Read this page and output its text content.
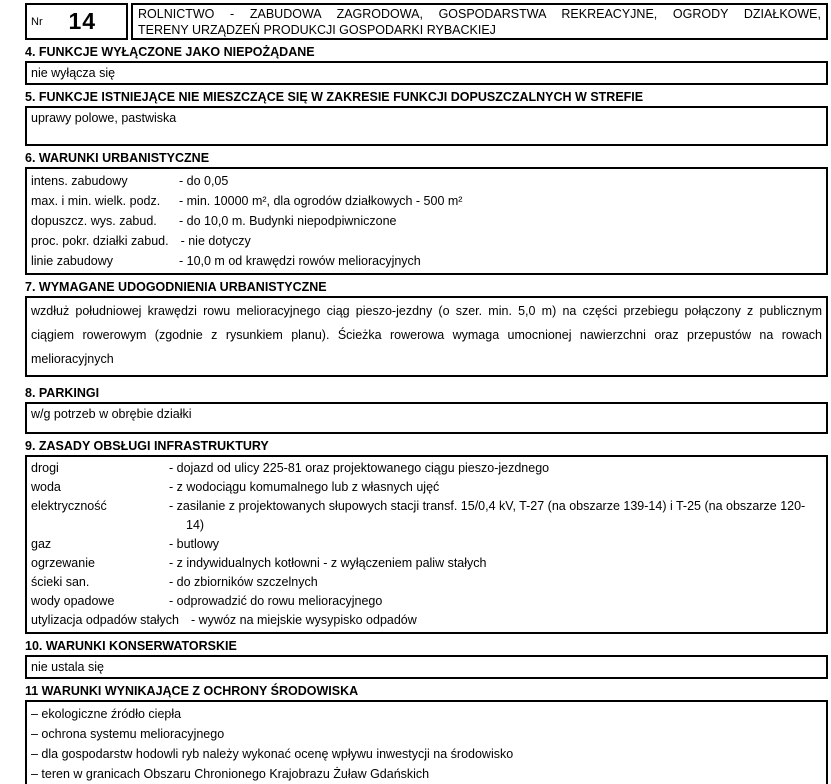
Nr	14	ROLNICTWO - ZABUDOWA ZAGRODOWA, GOSPODARSTWA REKREACYJNE, OGRODY DZIAŁKOWE,
TERENY URZĄDZEŃ PRODUKCJI GOSPODARKI RYBACKIEJ
4. FUNKCJE WYŁĄCZONE JAKO NIEPOŻĄDANE
nie wyłącza się
5. FUNKCJE ISTNIEJĄCE NIE MIESZCZĄCE SIĘ W ZAKRESIE FUNKCJI DOPUSZCZALNYCH W STREFIE
uprawy polowe, pastwiska
6. WARUNKI URBANISTYCZNE
intens. zabudowy	- do 0,05
max. i min. wielk. podz.	- min. 10000 m², dla ogrodów działkowych - 500 m²
dopuszcz. wys. zabud.	- do 10,0 m. Budynki niepodpiwniczone
proc. pokr. działki zabud. - nie dotyczy
linie zabudowy	- 10,0 m od krawędzi rowów melioracyjnych
7. WYMAGANE UDOGODNIENIA URBANISTYCZNE
wzdłuż południowej krawędzi rowu melioracyjnego ciąg pieszo-jezdny (o szer. min. 5,0 m) na części przebiegu połączony z publicznym ciągiem rowerowym (zgodnie z rysunkiem planu). Ścieżka rowerowa wymaga umocnionej nawierzchni oraz przepustów na rowach melioracyjnych
8. PARKINGI
w/g potrzeb w obrębie działki
9. ZASADY OBSŁUGI INFRASTRUKTURY
drogi	- dojazd od ulicy 225-81 oraz projektowanego ciągu pieszo-jezdnego
woda	- z wodociągu komumalnego lub z własnych ujęć
elektryczność	- zasilanie z projektowanych słupowych stacji transf. 15/0,4 kV, T-27 (na obszarze 139-14) i T-25 (na obszarze 120-14)
gaz	- butlowy
ogrzewanie	- z indywidualnych kotłowni - z wyłączeniem paliw stałych
ścieki san.	- do zbiorników szczelnych
wody opadowe	- odprowadzić do rowu melioracyjnego
utylizacja odpadów stałych - wywóz na miejskie wysypisko odpadów
10. WARUNKI KONSERWATORSKIE
nie ustala się
11 WARUNKI WYNIKAJĄCE Z OCHRONY ŚRODOWISKA
– ekologiczne źródło ciepła
– ochrona systemu melioracyjnego
– dla gospodarstw hodowli ryb należy wykonać ocenę wpływu inwestycji na środowisko
– teren w granicach Obszaru Chronionego Krajobrazu Żuław Gdańskich
